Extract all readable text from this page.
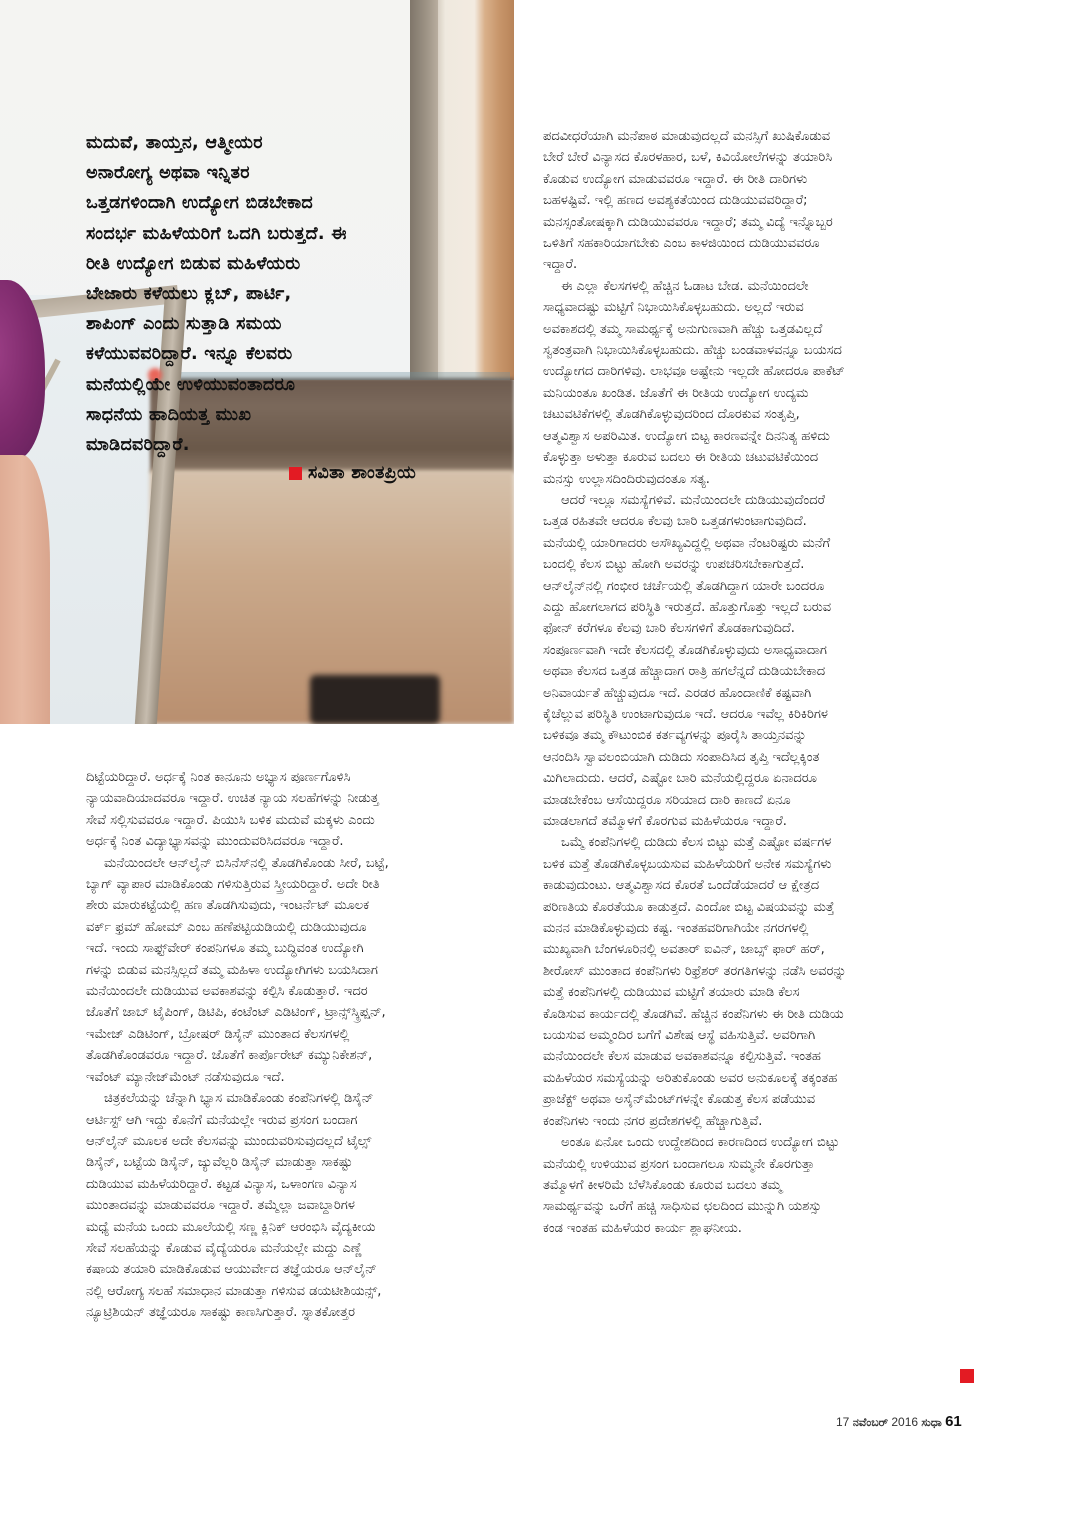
ಮದುವೆ, ತಾಯ್ತನ, ಆತ್ಮೀಯರ
ಅನಾರೋಗ್ಯ ಅಥವಾ ಇನ್ನಿತರ
ಒತ್ತಡಗಳಿಂದಾಗಿ ಉದ್ಯೋಗ ಬಿಡಬೇಕಾದ
ಸಂದರ್ಭ ಮಹಿಳೆಯರಿಗೆ ಒದಗಿ ಬರುತ್ತದೆ. ಈ
ರೀತಿ ಉದ್ಯೋಗ ಬಿಡುವ ಮಹಿಳೆಯರು
ಬೇಜಾರು ಕಳೆಯಲು ಕ್ಲಬ್, ಪಾರ್ಟಿ,
ಶಾಪಿಂಗ್ ಎಂದು ಸುತ್ತಾಡಿ ಸಮಯ
ಕಳೆಯುವವರಿದ್ದಾರೆ. ಇನ್ನೂ ಕೆಲವರು
ಮನೆಯಲ್ಲಿಯೇ ಉಳಿಯುವಂತಾದರೂ
ಸಾಧನೆಯ ಹಾದಿಯತ್ತ ಮುಖ
ಮಾಡಿದವರಿದ್ದಾರೆ.
ಸವಿತಾ ಶಾಂತಪ್ರಿಯ
ದಿಟ್ಟೆಯರಿದ್ದಾರೆ. ಅರ್ಧಕ್ಕೆ ನಿಂತ ಕಾನೂನು ಅಭ್ಯಾಸ ಪೂರ್ಣಗೊಳಿಸಿ
ನ್ಯಾಯವಾದಿಯಾದವರೂ ಇದ್ದಾರೆ. ಉಚಿತ ನ್ಯಾಯ ಸಲಹೆಗಳನ್ನು ನೀಡುತ್ತ
ಸೇವೆ ಸಲ್ಲಿಸುವವರೂ ಇದ್ದಾರೆ. ಪಿಯುಸಿ ಬಳಿಕ ಮದುವೆ ಮಕ್ಕಳು ಎಂದು
ಅರ್ಧಕ್ಕೆ ನಿಂತ ವಿದ್ಯಾಭ್ಯಾಸವನ್ನು ಮುಂದುವರಿಸಿದವರೂ ಇದ್ದಾರೆ.
ಮನೆಯಿಂದಲೇ ಆನ್‌ಲೈನ್ ಬಿಸಿನೆಸ್‌ನಲ್ಲಿ ತೊಡಗಿಕೊಂಡು ಸೀರೆ, ಬಟ್ಟೆ,
ಬ್ಯಾಗ್ ವ್ಯಾಪಾರ ಮಾಡಿಕೊಂಡು ಗಳಿಸುತ್ತಿರುವ ಸ್ತ್ರೀಯರಿದ್ದಾರೆ. ಅದೇ ರೀತಿ
ಶೇರು ಮಾರುಕಟ್ಟೆಯಲ್ಲಿ ಹಣ ತೊಡಗಿಸುವುದು, ಇಂಟರ್ನೆಟ್ ಮೂಲಕ
ವರ್ಕ್ ಫ್ರಮ್ ಹೋಮ್ ಎಂಬ ಹಣೆಪಟ್ಟಿಯಡಿಯಲ್ಲಿ ದುಡಿಯುವುದೂ
ಇದೆ. ಇಂದು ಸಾಫ್ಟ್‌ವೇರ್ ಕಂಪನಿಗಳೂ ತಮ್ಮ ಬುದ್ಧಿವಂತ ಉದ್ಯೋಗಿ
ಗಳನ್ನು ಬಿಡುವ ಮನಸ್ಸಿಲ್ಲದೆ ತಮ್ಮ ಮಹಿಳಾ ಉದ್ಯೋಗಿಗಳು ಬಯಸಿದಾಗ
ಮನೆಯಿಂದಲೇ ದುಡಿಯುವ ಅವಕಾಶವನ್ನು ಕಲ್ಪಿಸಿ ಕೊಡುತ್ತಾರೆ. ಇದರ
ಜೊತೆಗೆ ಜಾಬ್ ಟೈಪಿಂಗ್, ಡಿಟಿಪಿ, ಕಂಟೆಂಟ್ ಎಡಿಟಿಂಗ್, ಟ್ರಾನ್ಸ್‌ಸ್ಕ್ರಿಪ್ಷನ್,
ಇಮೇಜ್ ಎಡಿಟಿಂಗ್, ಬ್ರೋಷರ್ ಡಿಸೈನ್ ಮುಂತಾದ ಕೆಲಸಗಳಲ್ಲಿ
ತೊಡಗಿಕೊಂಡವರೂ ಇದ್ದಾರೆ. ಜೊತೆಗೆ ಕಾರ್ಪೊರೇಟ್ ಕಮ್ಯುನಿಕೇಶನ್,
ಇವೆಂಟ್ ಮ್ಯಾನೇಜ್‌ಮೆಂಟ್ ನಡೆಸುವುದೂ ಇದೆ.
ಚಿತ್ರಕಲೆಯನ್ನು ಚೆನ್ನಾಗಿ ಭ್ಯಾಸ ಮಾಡಿಕೊಂಡು ಕಂಪೆನಿಗಳಲ್ಲಿ ಡಿಸೈನ್
ಆರ್ಟಿಸ್ಟ್ ಆಗಿ ಇದ್ದು ಕೊನೆಗೆ ಮನೆಯಲ್ಲೇ ಇರುವ ಪ್ರಸಂಗ ಬಂದಾಗ
ಆನ್‌ಲೈನ್ ಮೂಲಕ ಅದೇ ಕೆಲಸವನ್ನು ಮುಂದುವರಿಸುವುದಲ್ಲದೆ ಟೈಲ್ಸ್
ಡಿಸೈನ್, ಬಟ್ಟೆಯ ಡಿಸೈನ್, ಜ್ಯುವೆಲ್ಲರಿ ಡಿಸೈನ್ ಮಾಡುತ್ತಾ ಸಾಕಷ್ಟು
ದುಡಿಯುವ ಮಹಿಳೆಯರಿದ್ದಾರೆ. ಕಟ್ಟಡ ವಿನ್ಯಾಸ, ಒಳಾಂಗಣ ವಿನ್ಯಾಸ
ಮುಂತಾದವನ್ನು ಮಾಡುವವರೂ ಇದ್ದಾರೆ. ತಮ್ಮೆಲ್ಲಾ ಜವಾಬ್ದಾರಿಗಳ
ಮಧ್ಯೆ ಮನೆಯ ಒಂದು ಮೂಲೆಯಲ್ಲಿ ಸಣ್ಣ ಕ್ಲಿನಿಕ್ ಆರಂಭಿಸಿ ವೈದ್ಯಕೀಯ
ಸೇವೆ ಸಲಹೆಯನ್ನು ಕೊಡುವ ವೈದ್ಯೆಯರೂ ಮನೆಯಲ್ಲೇ ಮದ್ದು ಎಣ್ಣೆ
ಕಷಾಯ ತಯಾರಿ ಮಾಡಿಕೊಡುವ ಆಯುರ್ವೇದ ತಜ್ಞೆಯರೂ ಆನ್‌ಲೈನ್
ನಲ್ಲಿ ಆರೋಗ್ಯ ಸಲಹೆ ಸಮಾಧಾನ ಮಾಡುತ್ತಾ ಗಳಿಸುವ ಡಯಟೀಶಿಯನ್ಸ್,
ನ್ಯೂಟ್ರಿಶಿಯನ್ ತಜ್ಞೆಯರೂ ಸಾಕಷ್ಟು ಕಾಣಸಿಗುತ್ತಾರೆ. ಸ್ನಾತಕೋತ್ತರ
ಪದವೀಧರೆಯಾಗಿ ಮನೆಪಾಠ ಮಾಡುವುದಲ್ಲದೆ ಮನಸ್ಸಿಗೆ ಖುಷಿಕೊಡುವ
ಬೇರೆ ಬೇರೆ ವಿನ್ಯಾಸದ ಕೊರಳಹಾರ, ಬಳೆ, ಕಿವಿಯೋಲೆಗಳನ್ನು ತಯಾರಿಸಿ
ಕೊಡುವ ಉದ್ಯೋಗ ಮಾಡುವವರೂ ಇದ್ದಾರೆ. ಈ ರೀತಿ ದಾರಿಗಳು
ಬಹಳಷ್ಟಿವೆ. ಇಲ್ಲಿ ಹಣದ ಅವಶ್ಯಕತೆಯಿಂದ ದುಡಿಯುವವರಿದ್ದಾರೆ;
ಮನಸ್ಸಂತೋಷಕ್ಕಾಗಿ ದುಡಿಯುವವರೂ ಇದ್ದಾರೆ; ತಮ್ಮ ವಿದ್ಯೆ ಇನ್ನೊಬ್ಬರ
ಒಳಿತಿಗೆ ಸಹಕಾರಿಯಾಗಬೇಕು ಎಂಬ ಕಾಳಜಿಯಿಂದ ದುಡಿಯುವವರೂ
ಇದ್ದಾರೆ.
ಈ ಎಲ್ಲಾ ಕೆಲಸಗಳಲ್ಲಿ ಹೆಚ್ಚಿನ ಓಡಾಟ ಬೇಡ. ಮನೆಯಿಂದಲೇ
ಸಾಧ್ಯವಾದಷ್ಟು ಮಟ್ಟಿಗೆ ನಿಭಾಯಿಸಿಕೊಳ್ಳಬಹುದು. ಅಲ್ಲದೆ ಇರುವ
ಅವಕಾಶದಲ್ಲಿ ತಮ್ಮ ಸಾಮರ್ಥ್ಯಕ್ಕೆ ಅನುಗುಣವಾಗಿ ಹೆಚ್ಚು ಒತ್ತಡವಿಲ್ಲದೆ
ಸ್ವತಂತ್ರವಾಗಿ ನಿಭಾಯಿಸಿಕೊಳ್ಳಬಹುದು. ಹೆಚ್ಚು ಬಂಡವಾಳವನ್ನೂ ಬಯಸದ
ಉದ್ಯೋಗದ ದಾರಿಗಳಿವು. ಲಾಭವೂ ಅಷ್ಟೇನು ಇಲ್ಲದೇ ಹೋದರೂ ಪಾಕೆಟ್
ಮನಿಯಂತೂ ಖಂಡಿತ. ಜೊತೆಗೆ ಈ ರೀತಿಯ ಉದ್ಯೋಗ ಉದ್ಯಮ
ಚಟುವಟಿಕೆಗಳಲ್ಲಿ ತೊಡಗಿಕೊಳ್ಳುವುದರಿಂದ ದೊರಕುವ ಸಂತೃಪ್ತಿ,
ಆತ್ಮವಿಶ್ವಾಸ ಅಪರಿಮಿತ. ಉದ್ಯೋಗ ಬಿಟ್ಟ ಕಾರಣವನ್ನೇ ದಿನನಿತ್ಯ ಹಳಿದು
ಕೊಳ್ಳುತ್ತಾ ಅಳುತ್ತಾ ಕೂರುವ ಬದಲು ಈ ರೀತಿಯ ಚಟುವಟಿಕೆಯಿಂದ
ಮನಸ್ಸು ಉಲ್ಲಾಸದಿಂದಿರುವುದಂತೂ ಸತ್ಯ.
ಆದರೆ ಇಲ್ಲೂ ಸಮಸ್ಯೆಗಳಿವೆ. ಮನೆಯಿಂದಲೇ ದುಡಿಯುವುದೆಂದರೆ
ಒತ್ತಡ ರಹಿತವೇ ಆದರೂ ಕೆಲವು ಬಾರಿ ಒತ್ತಡಗಳುಂಟಾಗುವುದಿದೆ.
ಮನೆಯಲ್ಲಿ ಯಾರಿಗಾದರು ಅಸೌಖ್ಯವಿದ್ದಲ್ಲಿ ಅಥವಾ ನೆಂಟರಿಷ್ಟರು ಮನೆಗೆ
ಬಂದಲ್ಲಿ ಕೆಲಸ ಬಿಟ್ಟು ಹೋಗಿ ಅವರನ್ನು ಉಪಚರಿಸಬೇಕಾಗುತ್ತದೆ.
ಆನ್‌ಲೈನ್‌ನಲ್ಲಿ ಗಂಭೀರ ಚರ್ಚೆಯಲ್ಲಿ ತೊಡಗಿದ್ದಾಗ ಯಾರೇ ಬಂದರೂ
ಎದ್ದು ಹೋಗಲಾಗದ ಪರಿಸ್ಥಿತಿ ಇರುತ್ತದೆ. ಹೊತ್ತುಗೊತ್ತು ಇಲ್ಲದೆ ಬರುವ
ಫೋನ್ ಕರೆಗಳೂ ಕೆಲವು ಬಾರಿ ಕೆಲಸಗಳಿಗೆ ತೊಡಕಾಗುವುದಿದೆ.
ಸಂಪೂರ್ಣವಾಗಿ ಇದೇ ಕೆಲಸದಲ್ಲಿ ತೊಡಗಿಕೊಳ್ಳುವುದು ಅಸಾಧ್ಯವಾದಾಗ
ಅಥವಾ ಕೆಲಸದ ಒತ್ತಡ ಹೆಚ್ಚಾದಾಗ ರಾತ್ರಿ ಹಗಲೆನ್ನದೆ ದುಡಿಯಬೇಕಾದ
ಅನಿವಾರ್ಯತೆ ಹೆಚ್ಚುವುದೂ ಇದೆ. ಎರಡರ ಹೊಂದಾಣಿಕೆ ಕಷ್ಟವಾಗಿ
ಕೈಚೆಲ್ಲುವ ಪರಿಸ್ಥಿತಿ ಉಂಟಾಗುವುದೂ ಇದೆ. ಆದರೂ ಇವೆಲ್ಲ ಕಿರಿಕಿರಿಗಳ
ಬಳಿಕವೂ ತಮ್ಮ ಕೌಟುಂಬಿಕ ಕರ್ತವ್ಯಗಳನ್ನು ಪೂರೈಸಿ ತಾಯ್ತನವನ್ನು
ಆನಂದಿಸಿ ಸ್ವಾವಲಂಬಿಯಾಗಿ ದುಡಿದು ಸಂಪಾದಿಸಿದ ತೃಪ್ತಿ ಇದೆಲ್ಲಕ್ಕಿಂತ
ಮಿಗಿಲಾದುದು. ಆದರೆ, ಎಷ್ಟೋ ಬಾರಿ ಮನೆಯಲ್ಲಿದ್ದರೂ ಏನಾದರೂ
ಮಾಡಬೇಕೆಂಬ ಆಸೆಯಿದ್ದರೂ ಸರಿಯಾದ ದಾರಿ ಕಾಣದೆ ಏನೂ
ಮಾಡಲಾಗದೆ ತಮ್ಮೊಳಗೆ ಕೊರಗುವ ಮಹಿಳೆಯರೂ ಇದ್ದಾರೆ.
ಒಮ್ಮೆ ಕಂಪೆನಿಗಳಲ್ಲಿ ದುಡಿದು ಕೆಲಸ ಬಿಟ್ಟು ಮತ್ತೆ ಎಷ್ಟೋ ವರ್ಷಗಳ
ಬಳಿಕ ಮತ್ತೆ ತೊಡಗಿಕೊಳ್ಳಬಯಸುವ ಮಹಿಳೆಯರಿಗೆ ಅನೇಕ ಸಮಸ್ಯೆಗಳು
ಕಾಡುವುದುಂಟು. ಆತ್ಮವಿಶ್ವಾಸದ ಕೊರತೆ ಒಂದೆಡೆಯಾದರೆ ಆ ಕ್ಷೇತ್ರದ
ಪರಿಣತಿಯ ಕೊರತೆಯೂ ಕಾಡುತ್ತದೆ. ಎಂದೋ ಬಿಟ್ಟ ವಿಷಯವನ್ನು ಮತ್ತೆ
ಮನನ ಮಾಡಿಕೊಳ್ಳುವುದು ಕಷ್ಟ. ಇಂತಹವರಿಗಾಗಿಯೇ ನಗರಗಳಲ್ಲಿ
ಮುಖ್ಯವಾಗಿ ಬೆಂಗಳೂರಿನಲ್ಲಿ ಅವತಾರ್ ಐವಿನ್, ಜಾಬ್ಸ್ ಫಾರ್ ಹರ್,
ಶೀರೋಸ್ ಮುಂತಾದ ಕಂಪೆನಿಗಳು ರಿಫ್ರೆಶರ್ ತರಗತಿಗಳನ್ನು ನಡೆಸಿ ಅವರನ್ನು
ಮತ್ತೆ ಕಂಪೆನಿಗಳಲ್ಲಿ ದುಡಿಯುವ ಮಟ್ಟಿಗೆ ತಯಾರು ಮಾಡಿ ಕೆಲಸ
ಕೊಡಿಸುವ ಕಾರ್ಯದಲ್ಲಿ ತೊಡಗಿವೆ. ಹೆಚ್ಚಿನ ಕಂಪೆನಿಗಳು ಈ ರೀತಿ ದುಡಿಯ
ಬಯಸುವ ಅಮ್ಮಂದಿರ ಬಗೆಗೆ ವಿಶೇಷ ಆಸ್ಥೆ ವಹಿಸುತ್ತಿವೆ. ಅವರಿಗಾಗಿ
ಮನೆಯಿಂದಲೇ ಕೆಲಸ ಮಾಡುವ ಅವಕಾಶವನ್ನೂ ಕಲ್ಪಿಸುತ್ತಿವೆ. ಇಂತಹ
ಮಹಿಳೆಯರ ಸಮಸ್ಯೆಯನ್ನು ಅರಿತುಕೊಂಡು ಅವರ ಅನುಕೂಲಕ್ಕೆ ತಕ್ಕಂತಹ
ಪ್ರಾಜೆಕ್ಟ್ ಅಥವಾ ಅಸೈನ್‌ಮೆಂಟ್‌ಗಳನ್ನೇ ಕೊಡುತ್ತ ಕೆಲಸ ಪಡೆಯುವ
ಕಂಪೆನಿಗಳು ಇಂದು ನಗರ ಪ್ರದೇಶಗಳಲ್ಲಿ ಹೆಚ್ಚಾಗುತ್ತಿವೆ.
ಅಂತೂ ಏನೋ ಒಂದು ಉದ್ದೇಶದಿಂದ ಕಾರಣದಿಂದ ಉದ್ಯೋಗ ಬಿಟ್ಟು
ಮನೆಯಲ್ಲಿ ಉಳಿಯುವ ಪ್ರಸಂಗ ಬಂದಾಗಲೂ ಸುಮ್ಮನೇ ಕೊರಗುತ್ತಾ
ತಮ್ಮೊಳಗೆ ಕೀಳರಿಮೆ ಬೆಳೆಸಿಕೊಂಡು ಕೂರುವ ಬದಲು ತಮ್ಮ
ಸಾಮರ್ಥ್ಯವನ್ನು ಒರೆಗೆ ಹಚ್ಚಿ ಸಾಧಿಸುವ ಛಲದಿಂದ ಮುನ್ನುಗಿ ಯಶಸ್ಸು
ಕಂಡ ಇಂತಹ ಮಹಿಳೆಯರ ಕಾರ್ಯ ಶ್ಲಾಘನೀಯ.
17 ನವೆಂಬರ್ 2016 ಸುಧಾ 61
